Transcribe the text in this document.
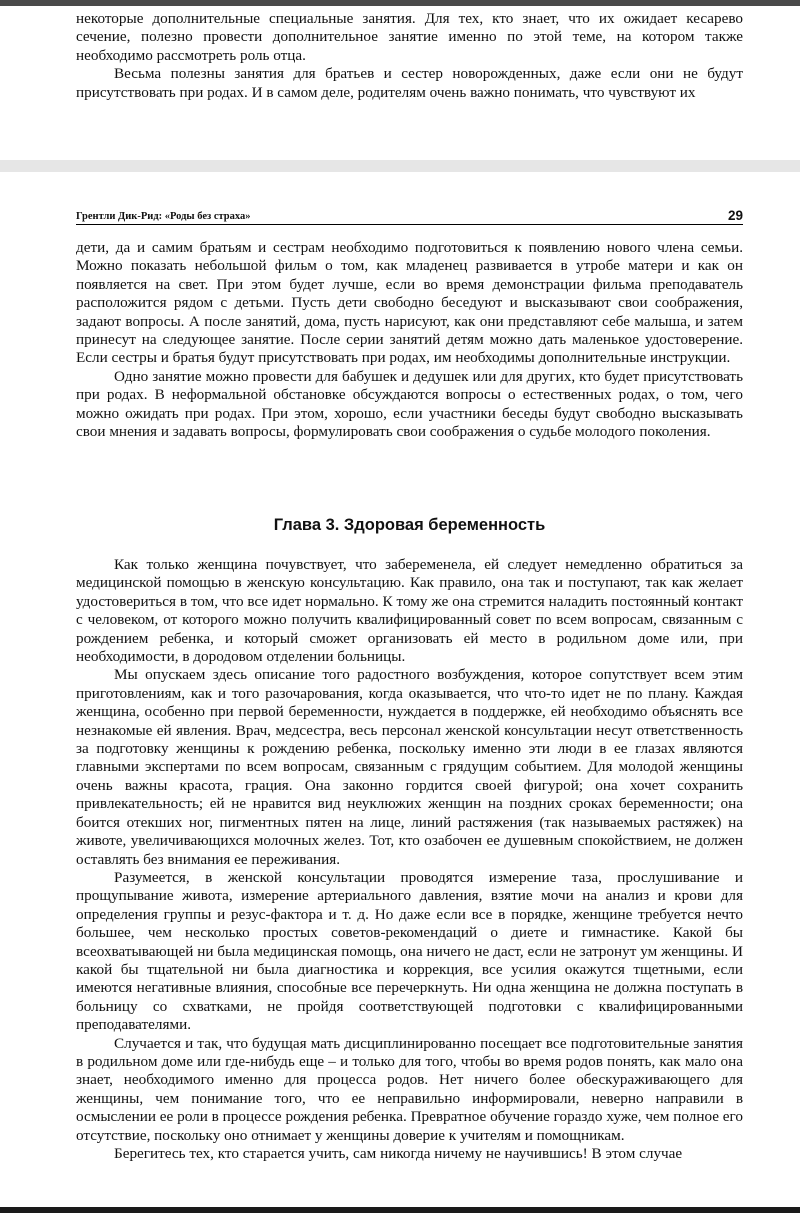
некоторые дополнительные специальные занятия. Для тех, кто знает, что их ожидает кесарево сечение, полезно провести дополнительное занятие именно по этой теме, на котором также необходимо рассмотреть роль отца.

Весьма полезны занятия для братьев и сестер новорожденных, даже если они не будут присутствовать при родах. И в самом деле, родителям очень важно понимать, что чувствуют их

Грентли Дик-Рид: «Роды без страха»	29

дети, да и самим братьям и сестрам необходимо подготовиться к появлению нового члена семьи. Можно показать небольшой фильм о том, как младенец развивается в утробе матери и как он появляется на свет. При этом будет лучше, если во время демонстрации фильма преподаватель расположится рядом с детьми. Пусть дети свободно беседуют и высказывают свои соображения, задают вопросы. А после занятий, дома, пусть нарисуют, как они представляют себе малыша, и затем принесут на следующее занятие. После серии занятий детям можно дать маленькое удостоверение. Если сестры и братья будут присутствовать при родах, им необходимы дополнительные инструкции.

Одно занятие можно провести для бабушек и дедушек или для других, кто будет присутствовать при родах. В неформальной обстановке обсуждаются вопросы о естественных родах, о том, чего можно ожидать при родах. При этом, хорошо, если участники беседы будут свободно высказывать свои мнения и задавать вопросы, формулировать свои соображения о судьбе молодого поколения.

Глава 3. Здоровая беременность

Как только женщина почувствует, что забеременела, ей следует немедленно обратиться за медицинской помощью в женскую консультацию. Как правило, она так и поступают, так как желает удостовериться в том, что все идет нормально. К тому же она стремится наладить постоянный контакт с человеком, от которого можно получить квалифицированный совет по всем вопросам, связанным с рождением ребенка, и который сможет организовать ей место в родильном доме или, при необходимости, в дородовом отделении больницы.

Мы опускаем здесь описание того радостного возбуждения, которое сопутствует всем этим приготовлениям, как и того разочарования, когда оказывается, что что-то идет не по плану. Каждая женщина, особенно при первой беременности, нуждается в поддержке, ей необходимо объяснять все незнакомые ей явления. Врач, медсестра, весь персонал женской консультации несут ответственность за подготовку женщины к рождению ребенка, поскольку именно эти люди в ее глазах являются главными экспертами по всем вопросам, связанным с грядущим событием. Для молодой женщины очень важны красота, грация. Она законно гордится своей фигурой; она хочет сохранить привлекательность; ей не нравится вид неуклюжих женщин на поздних сроках беременности; она боится отекших ног, пигментных пятен на лице, линий растяжения (так называемых растяжек) на животе, увеличивающихся молочных желез. Тот, кто озабочен ее душевным спокойствием, не должен оставлять без внимания ее переживания.

Разумеется, в женской консультации проводятся измерение таза, прослушивание и прощупывание живота, измерение артериального давления, взятие мочи на анализ и крови для определения группы и резус-фактора и т. д. Но даже если все в порядке, женщине требуется нечто большее, чем несколько простых советов-рекомендаций о диете и гимнастике. Какой бы всеохватывающей ни была медицинская помощь, она ничего не даст, если не затронут ум женщины. И какой бы тщательной ни была диагностика и коррекция, все усилия окажутся тщетными, если имеются негативные влияния, способные все перечеркнуть. Ни одна женщина не должна поступать в больницу со схватками, не пройдя соответствующей подготовки с квалифицированными преподавателями.

Случается и так, что будущая мать дисциплинированно посещает все подготовительные занятия в родильном доме или где-нибудь еще – и только для того, чтобы во время родов понять, как мало она знает, необходимого именно для процесса родов. Нет ничего более обескураживающего для женщины, чем понимание того, что ее неправильно информировали, неверно направили в осмыслении ее роли в процессе рождения ребенка. Превратное обучение гораздо хуже, чем полное его отсутствие, поскольку оно отнимает у женщины доверие к учителям и помощникам.

Берегитесь тех, кто старается учить, сам никогда ничему не научившись! В этом случае
